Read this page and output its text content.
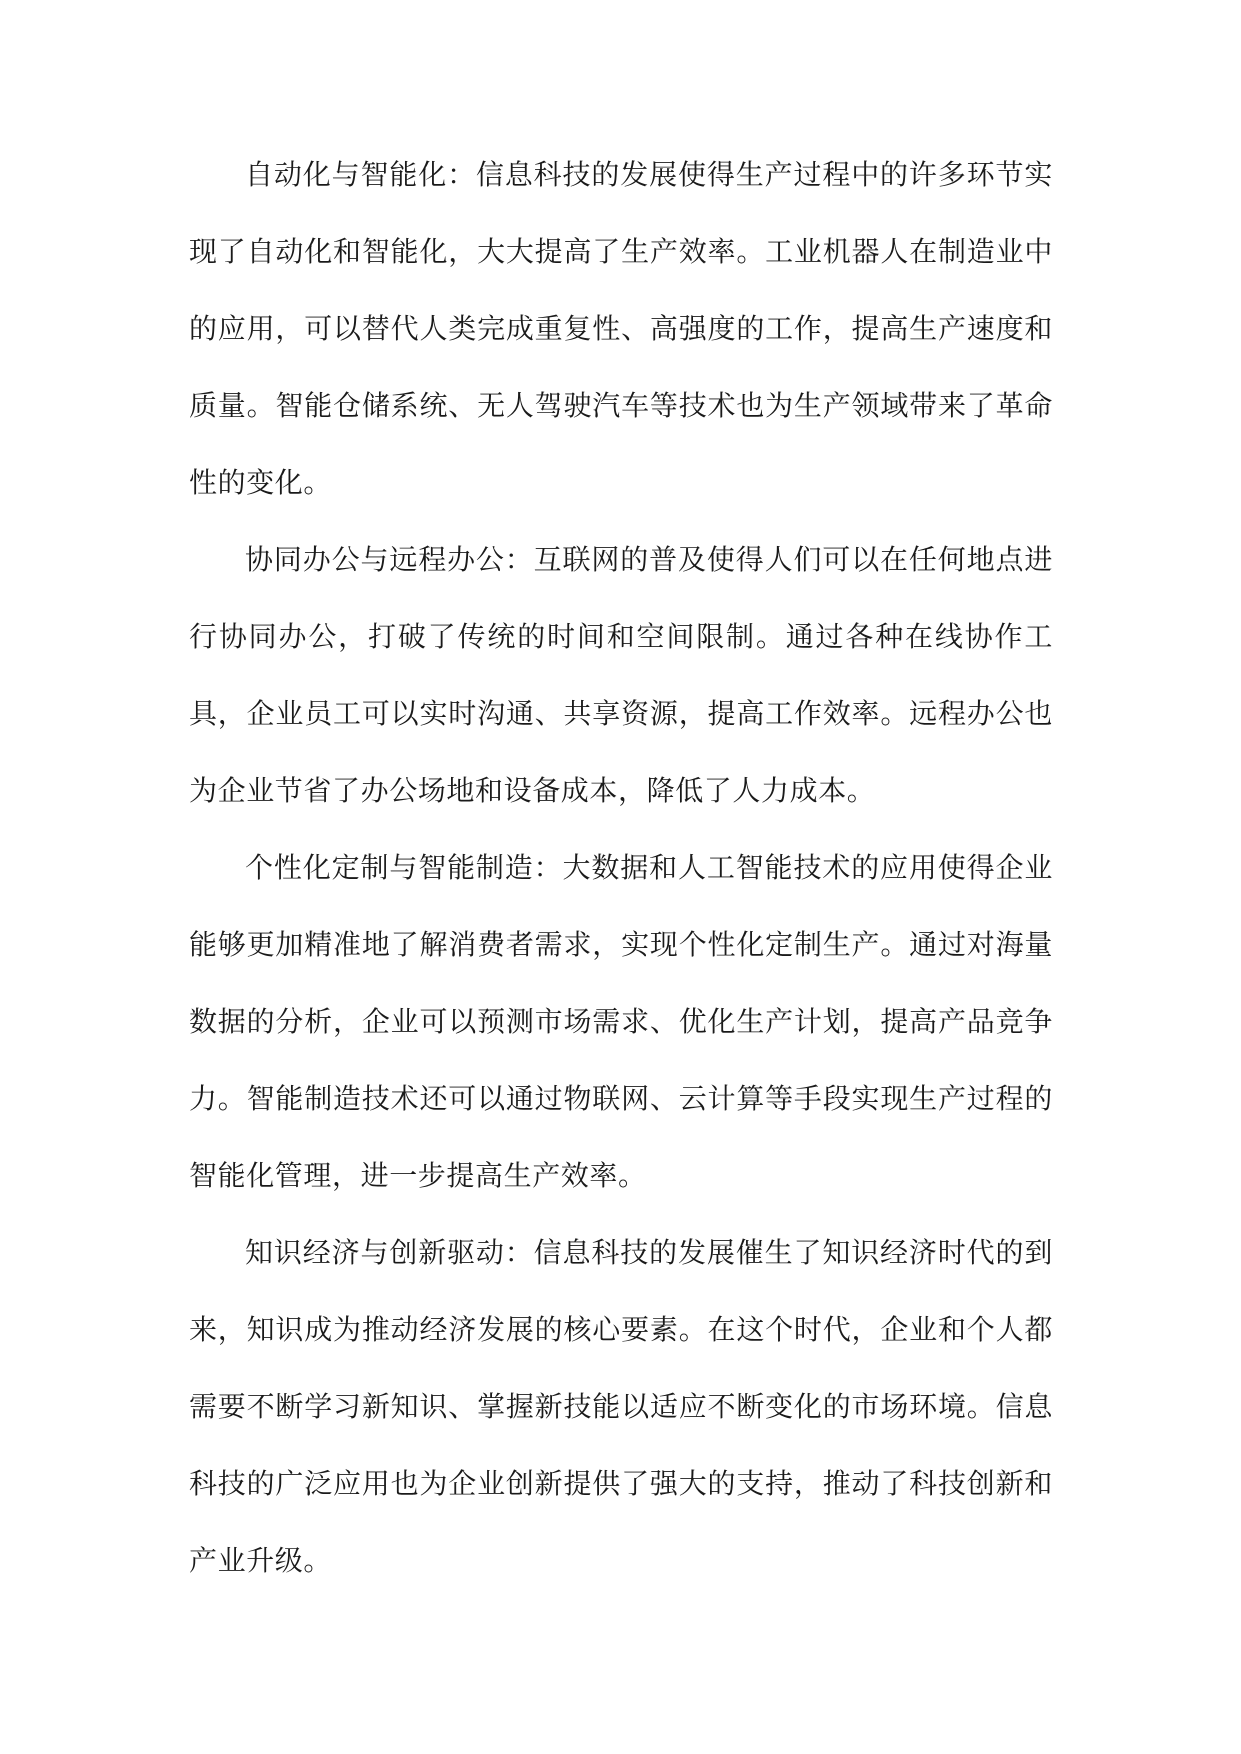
自动化与智能化：信息科技的发展使得生产过程中的许多环节实现了自动化和智能化，大大提高了生产效率。工业机器人在制造业中的应用，可以替代人类完成重复性、高强度的工作，提高生产速度和质量。智能仓储系统、无人驾驶汽车等技术也为生产领域带来了革命性的变化。

协同办公与远程办公：互联网的普及使得人们可以在任何地点进行协同办公，打破了传统的时间和空间限制。通过各种在线协作工具，企业员工可以实时沟通、共享资源，提高工作效率。远程办公也为企业节省了办公场地和设备成本，降低了人力成本。

个性化定制与智能制造：大数据和人工智能技术的应用使得企业能够更加精准地了解消费者需求，实现个性化定制生产。通过对海量数据的分析，企业可以预测市场需求、优化生产计划，提高产品竞争力。智能制造技术还可以通过物联网、云计算等手段实现生产过程的智能化管理，进一步提高生产效率。

知识经济与创新驱动：信息科技的发展催生了知识经济时代的到来，知识成为推动经济发展的核心要素。在这个时代，企业和个人都需要不断学习新知识、掌握新技能以适应不断变化的市场环境。信息科技的广泛应用也为企业创新提供了强大的支持，推动了科技创新和产业升级。
